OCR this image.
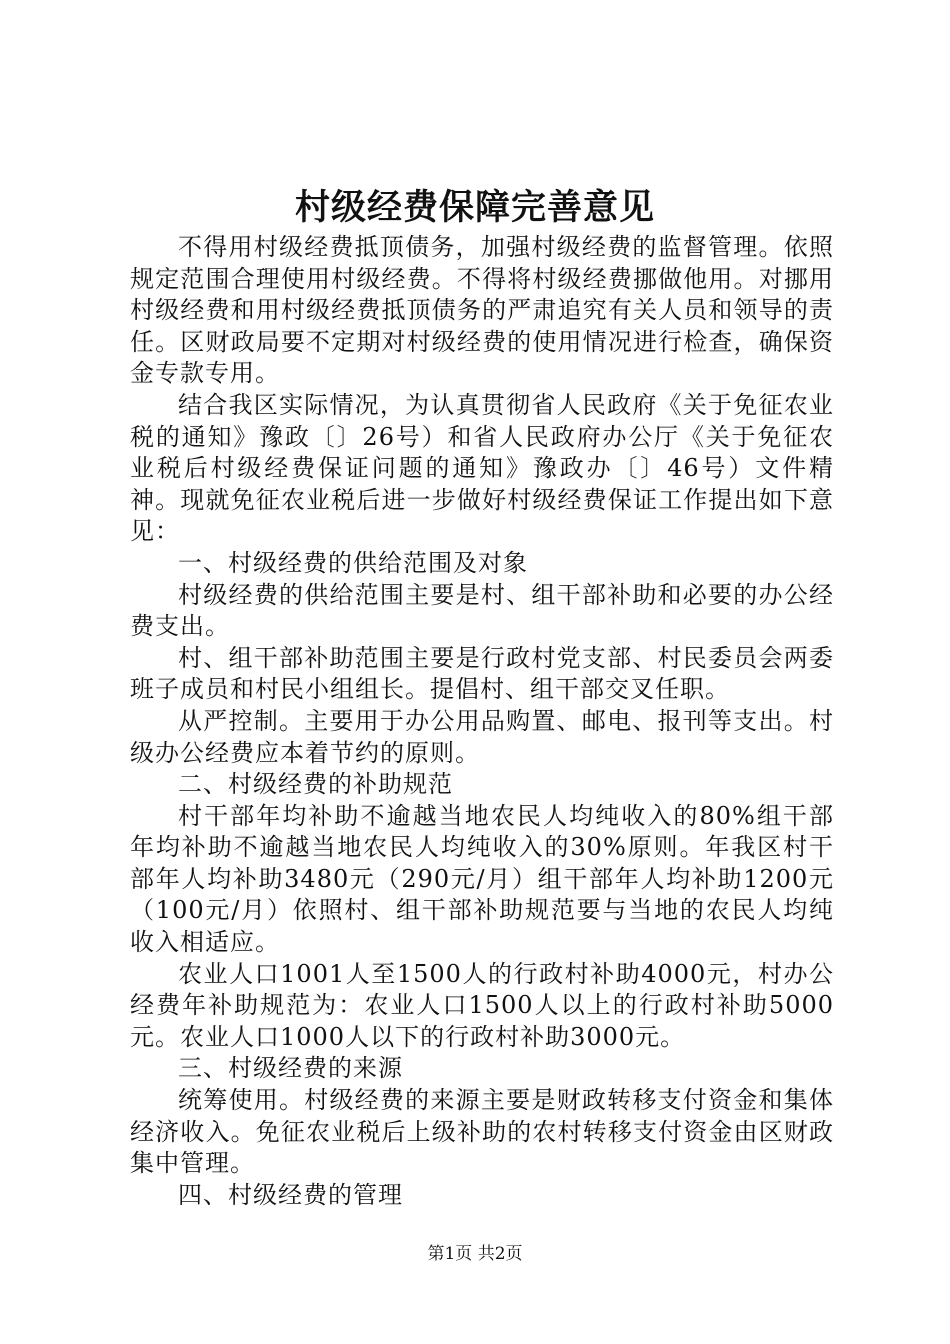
村级经费保障完善意见

不得用村级经费抵顶债务，加强村级经费的监督管理。依照规定范围合理使用村级经费。不得将村级经费挪做他用。对挪用村级经费和用村级经费抵顶债务的严肃追究有关人员和领导的责任。区财政局要不定期对村级经费的使用情况进行检查，确保资金专款专用。

结合我区实际情况，为认真贯彻省人民政府《关于免征农业税的通知》豫政〔〕26号）和省人民政府办公厅《关于免征农业税后村级经费保证问题的通知》豫政办〔〕46号）文件精神。现就免征农业税后进一步做好村级经费保证工作提出如下意见：

一、村级经费的供给范围及对象

村级经费的供给范围主要是村、组干部补助和必要的办公经费支出。

村、组干部补助范围主要是行政村党支部、村民委员会两委班子成员和村民小组组长。提倡村、组干部交叉任职。

从严控制。主要用于办公用品购置、邮电、报刊等支出。村级办公经费应本着节约的原则。

二、村级经费的补助规范

村干部年均补助不逾越当地农民人均纯收入的80%组干部年均补助不逾越当地农民人均纯收入的30%原则。年我区村干部年人均补助3480元（290元/月）组干部年人均补助1200元（100元/月）依照村、组干部补助规范要与当地的农民人均纯收入相适应。

农业人口1001人至1500人的行政村补助4000元，村办公经费年补助规范为：农业人口1500人以上的行政村补助5000元。农业人口1000人以下的行政村补助3000元。

三、村级经费的来源

统筹使用。村级经费的来源主要是财政转移支付资金和集体经济收入。免征农业税后上级补助的农村转移支付资金由区财政集中管理。

四、村级经费的管理

第1页 共2页
